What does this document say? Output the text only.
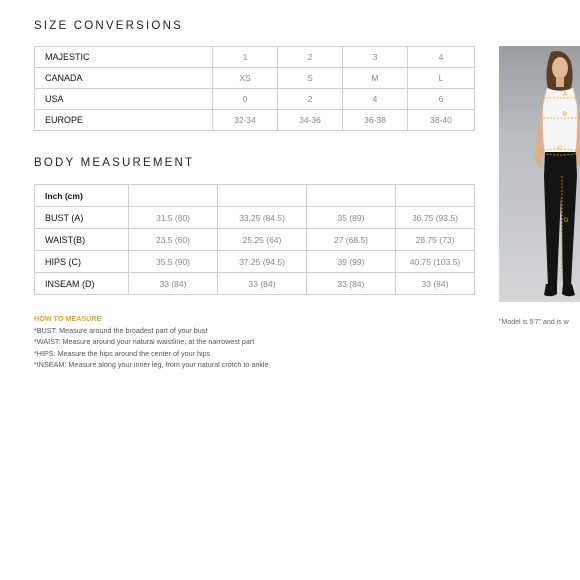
SIZE CONVERSIONS
MAJESTIC	1	2	3	4
CANADA	XS	S	M	L
USA	0	2	4	6
EUROPE	32-34	34-36	36-38	38-40
BODY MEASUREMENT
Inch (cm)				
BUST (A)	31.5 (80)	33.25 (84.5)	35 (89)	36.75 (93.5)
WAIST(B)	23.5 (60)	25.25 (64)	27 (68.5)	28.75 (73)
HIPS (C)	35.5 (90)	37.25 (94.5)	39 (99)	40.75 (103.5)
INSEAM (D)	33 (84)	33 (84)	33 (84)	33 (84)
HOW TO MEASURE
*BUST: Measure around the broadest part of your bust
*WAIST: Measure around your natural waistline, at the narrowest part
*HIPS: Measure the hips around the center of your hips
*INSEAM: Measure along your inner leg, from your natural crotch to ankle
A
B
C
D
"Model is 5'7" and is w
